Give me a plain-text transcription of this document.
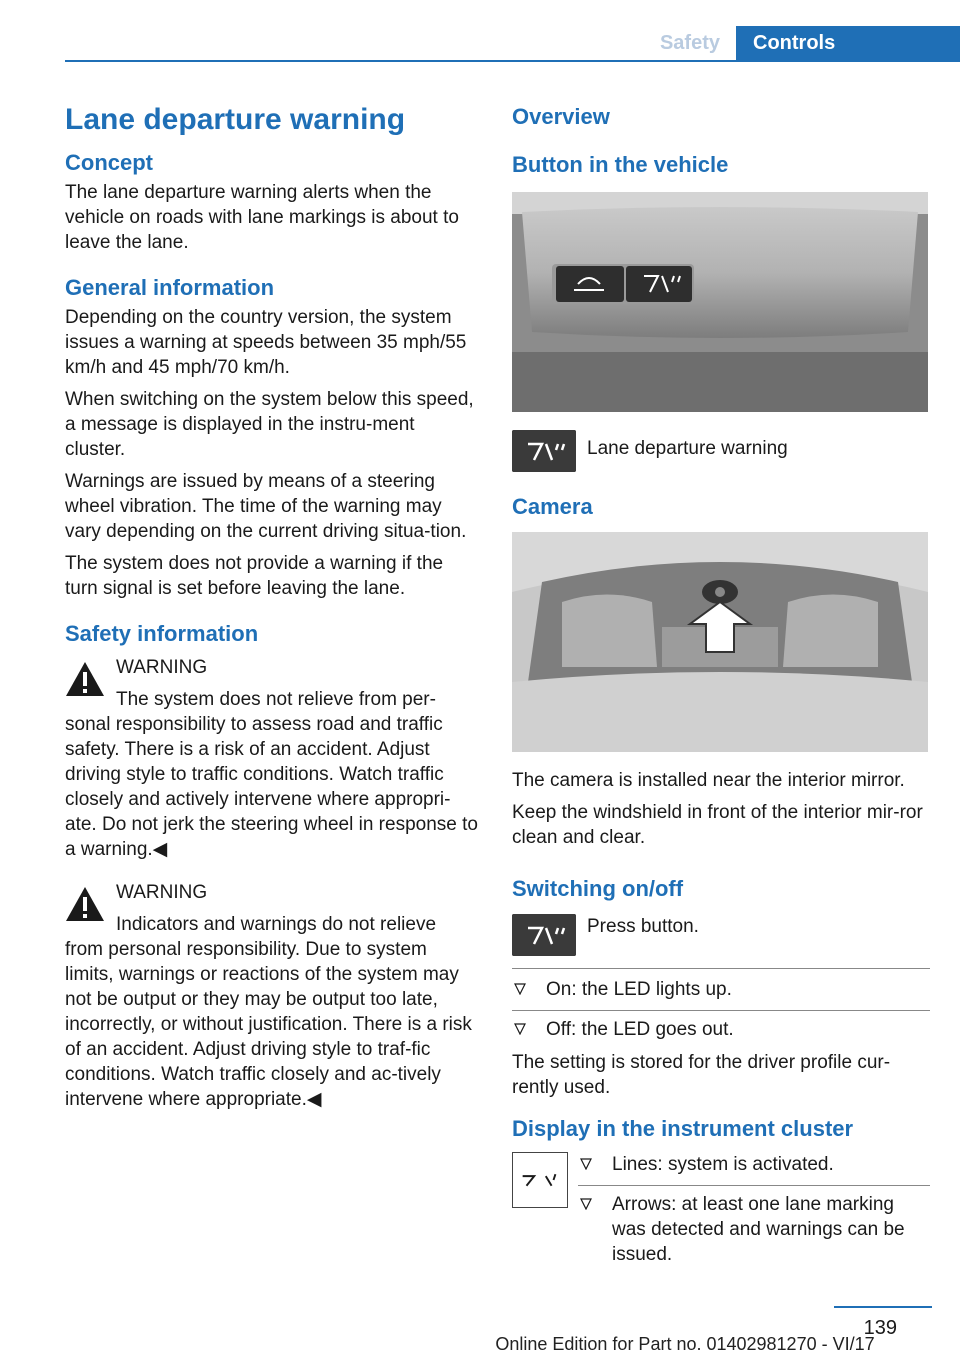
Safety	Controls
Lane departure warning
Concept

The lane departure warning alerts when the vehicle on roads with lane markings is about to leave the lane.

General information

Depending on the country version, the system issues a warning at speeds between 35 mph/55 km/h and 45 mph/70 km/h.

When switching on the system below this speed, a message is displayed in the instru‐ment cluster.

Warnings are issued by means of a steering wheel vibration. The time of the warning may vary depending on the current driving situa‐tion.

The system does not provide a warning if the turn signal is set before leaving the lane.

Safety information
WARNING
The system does not relieve from per‐
sonal responsibility to assess road and traffic safety. There is a risk of an accident. Adjust driving style to traffic conditions. Watch traffic closely and actively intervene where appropri‐ate. Do not jerk the steering wheel in response to a warning.◀
WARNING
Indicators and warnings do not relieve
from personal responsibility. Due to system limits, warnings or reactions of the system may not be output or they may be output too late, incorrectly, or without justification. There is a risk of an accident. Adjust driving style to traf‐fic conditions. Watch traffic closely and ac‐tively intervene where appropriate.◀
Overview
Button in the vehicle
Lane departure warning
Camera

The camera is installed near the interior mirror.

Keep the windshield in front of the interior mir‐ror clean and clear.

Switching on/off
Press button.
On: the LED lights up.
Off: the LED goes out.

The setting is stored for the driver profile cur‐rently used.

Display in the instrument cluster
Lines: system is activated.
Arrows: at least one lane marking was detected and warnings can be issued.
139
Online Edition for Part no. 01402981270 - VI/17
